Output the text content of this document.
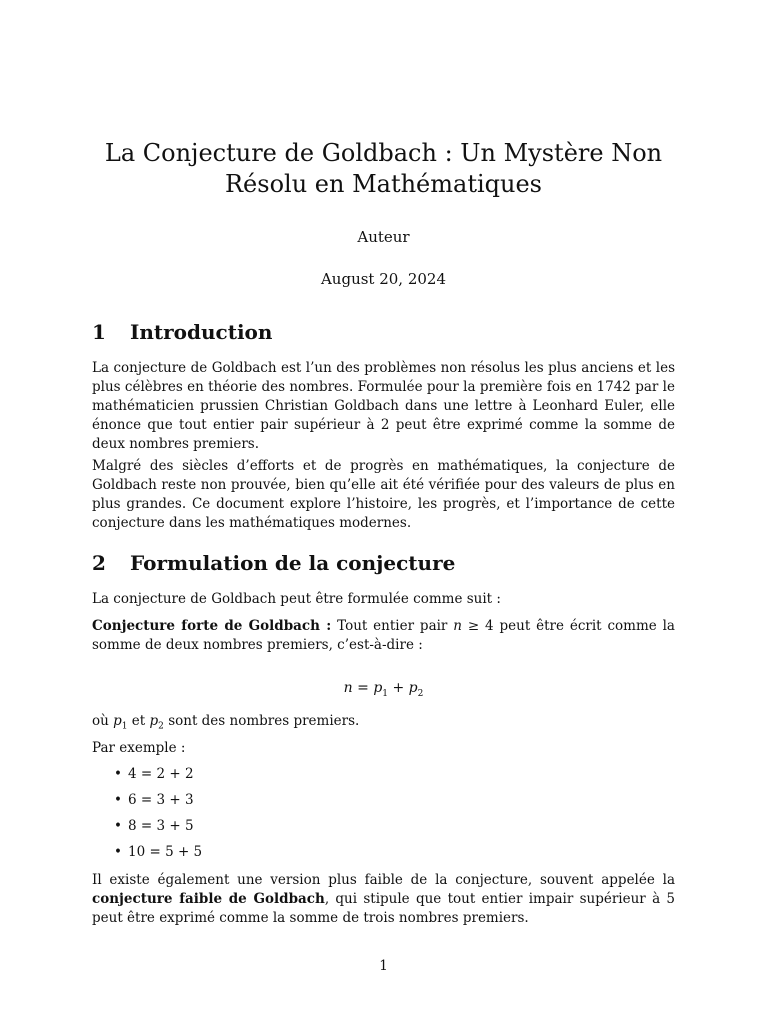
La Conjecture de Goldbach : Un Mystère Non Résolu en Mathématiques
Auteur
August 20, 2024
1 Introduction

La conjecture de Goldbach est l’un des problèmes non résolus les plus anciens et les plus célèbres en théorie des nombres. Formulée pour la première fois en 1742 par le mathématicien prussien Christian Goldbach dans une lettre à Leonhard Euler, elle énonce que tout entier pair supérieur à 2 peut être exprimé comme la somme de deux nombres premiers.

Malgré des siècles d’efforts et de progrès en mathématiques, la conjecture de Goldbach reste non prouvée, bien qu’elle ait été vérifiée pour des valeurs de plus en plus grandes. Ce document explore l’histoire, les progrès, et l’importance de cette conjecture dans les mathématiques modernes.

2 Formulation de la conjecture

La conjecture de Goldbach peut être formulée comme suit :

Conjecture forte de Goldbach : Tout entier pair n ≥ 4 peut être écrit comme la somme de deux nombres premiers, c’est-à-dire :

$n = p_1 + p_2$

où $p_1$ et $p_2$ sont des nombres premiers.

Par exemple :

• 4 = 2 + 2
• 6 = 3 + 3
• 8 = 3 + 5
• 10 = 5 + 5

Il existe également une version plus faible de la conjecture, souvent appelée la conjecture faible de Goldbach, qui stipule que tout entier impair supérieur à 5 peut être exprimé comme la somme de trois nombres premiers.

1
